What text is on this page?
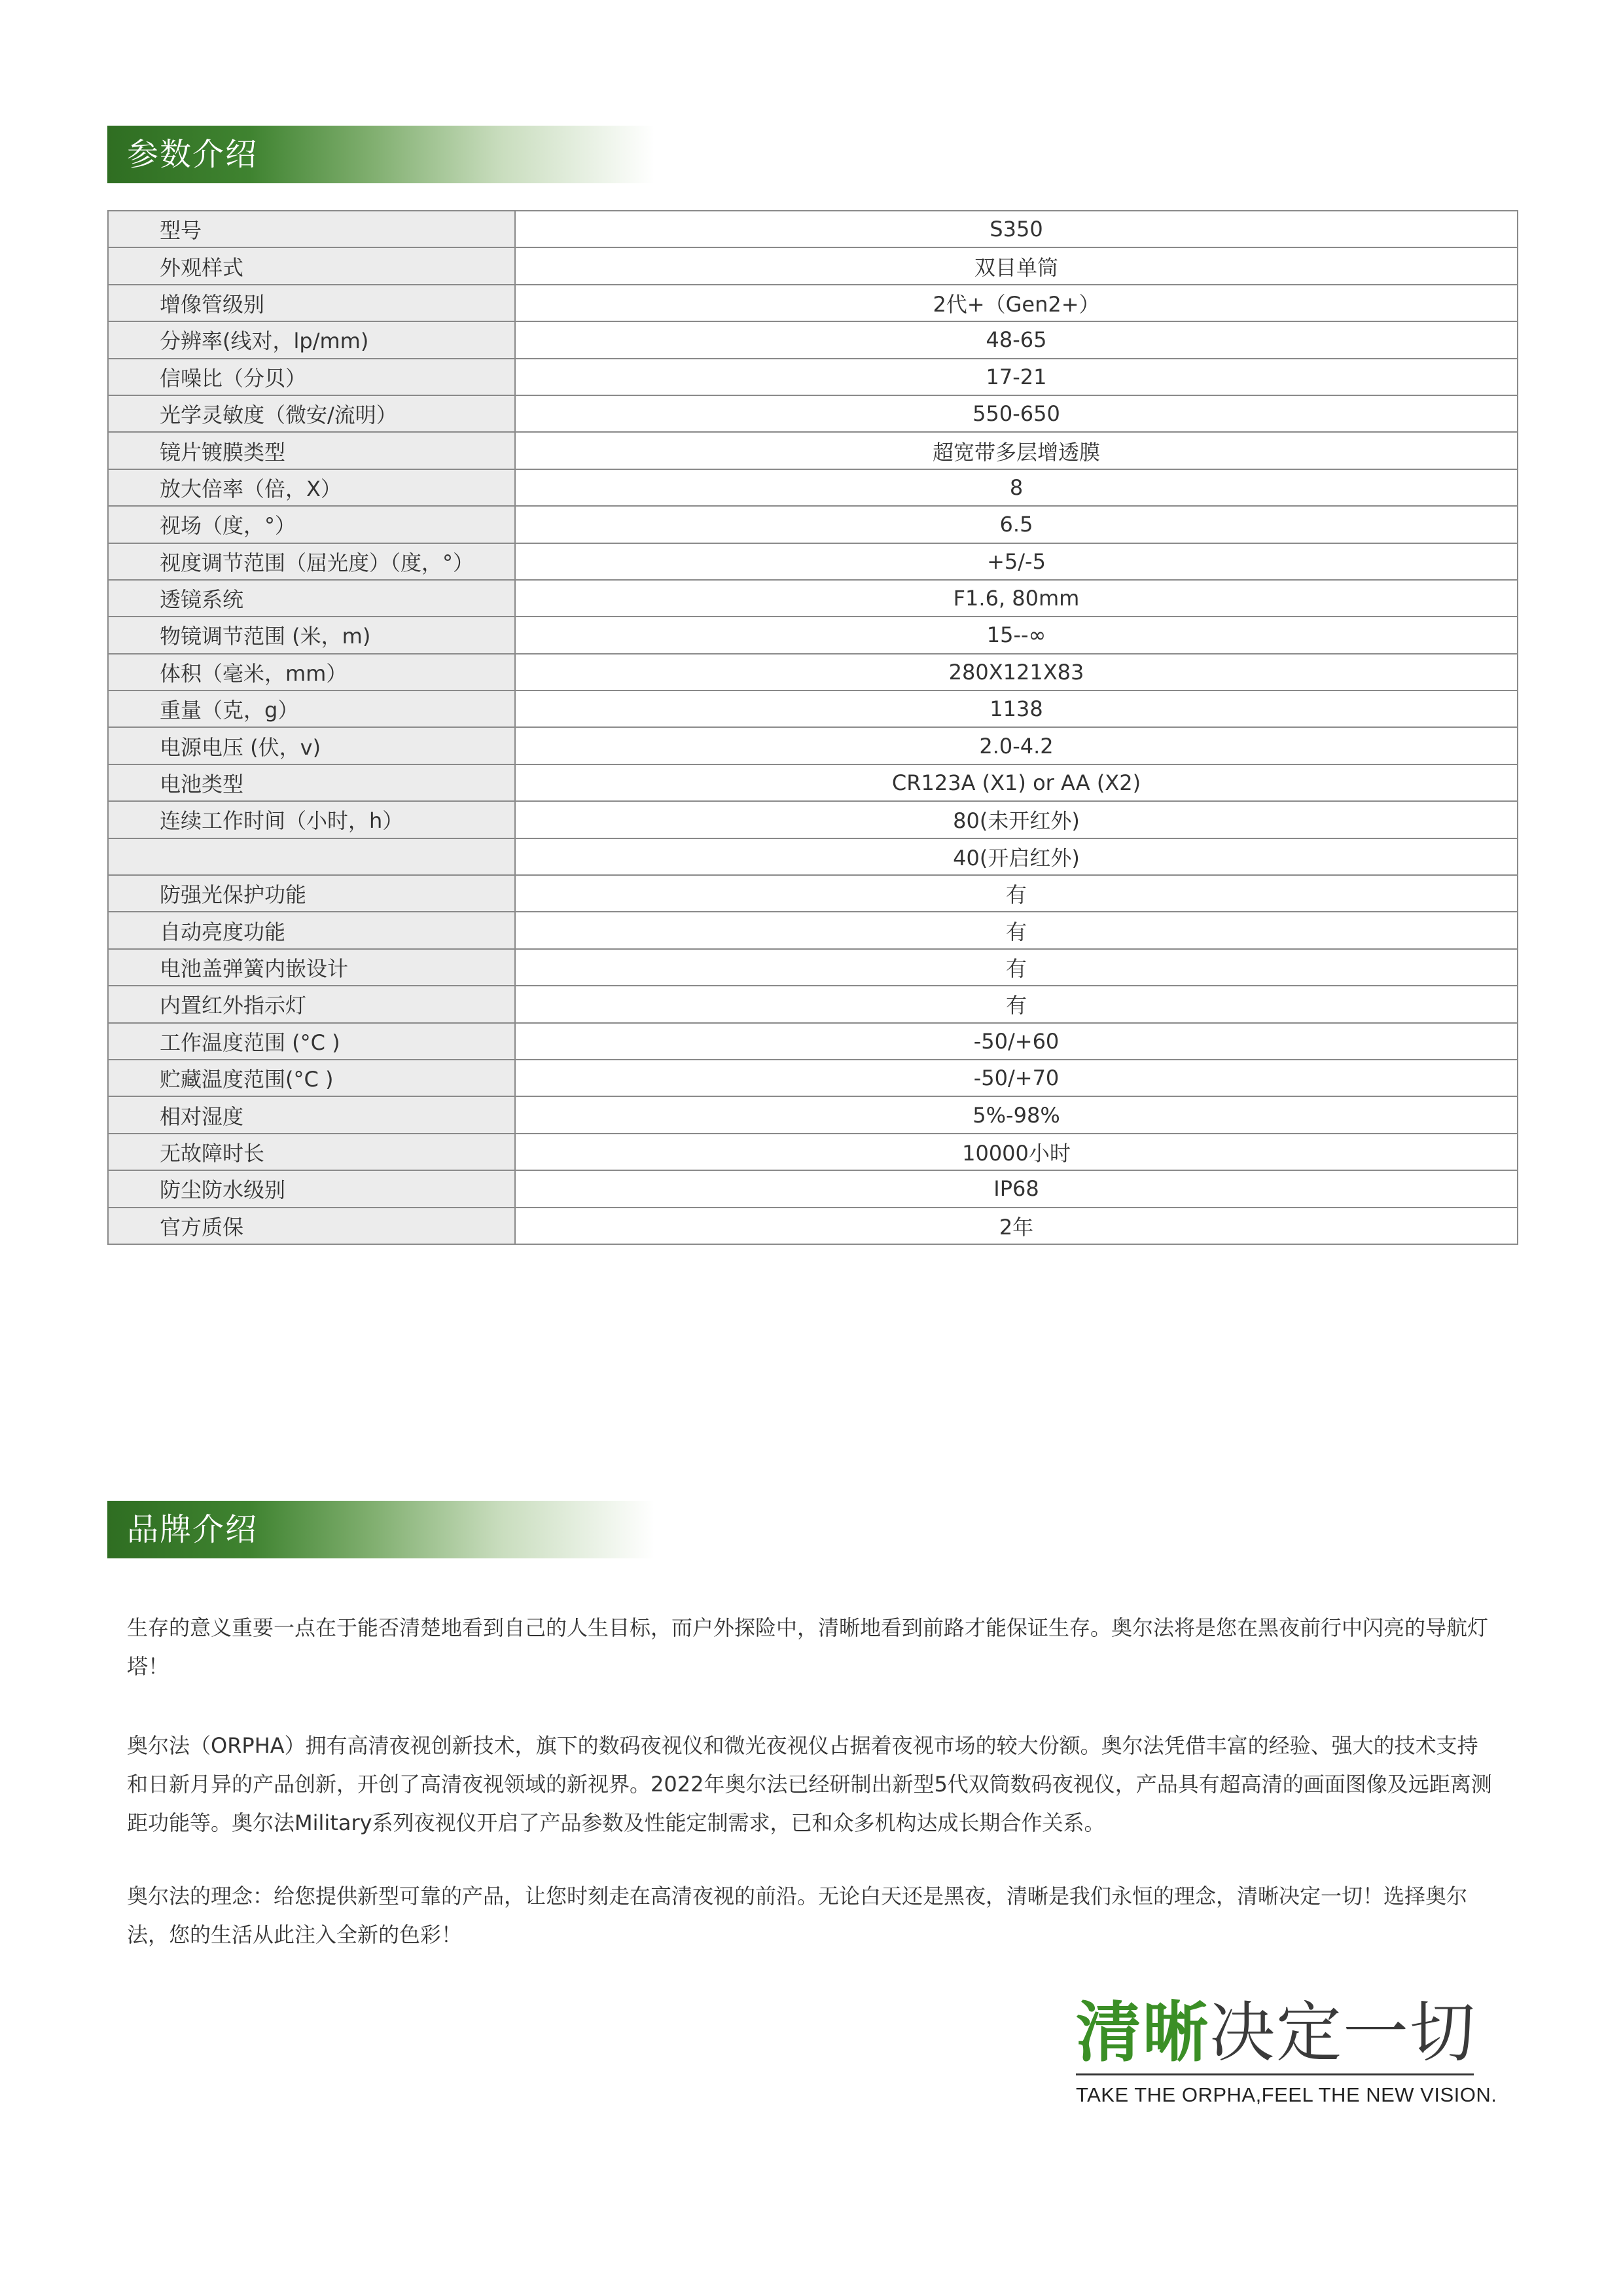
参数介绍
型号	S350
外观样式	双目单筒
增像管级别	2代+（Gen2+）
分辨率(线对，lp/mm)	48-65
信噪比（分贝）	17-21
光学灵敏度（微安/流明）	550-650
镜片镀膜类型	超宽带多层增透膜
放大倍率（倍，X）	8
视场（度，°）	6.5
视度调节范围（屈光度）（度，°）	+5/-5
透镜系统	F1.6, 80mm
物镜调节范围 (米，m)	15--∞
体积（毫米，mm）	280X121X83
重量（克，g）	1138
电源电压 (伏，v)	2.0-4.2
电池类型	CR123A (X1) or AA (X2)
连续工作时间（小时，h）	80(未开红外)
	40(开启红外)
防强光保护功能	有
自动亮度功能	有
电池盖弹簧内嵌设计	有
内置红外指示灯	有
工作温度范围 (°C )	-50/+60
贮藏温度范围(°C )	-50/+70
相对湿度	5%-98%
无故障时长	10000小时
防尘防水级别	IP68
官方质保	2年
品牌介绍

生存的意义重要一点在于能否清楚地看到自己的人生目标，而户外探险中，清晰地看到前路才能保证生存。奥尔法将是您在黑夜前行中闪亮的导航灯塔！

奥尔法（ORPHA）拥有高清夜视创新技术，旗下的数码夜视仪和微光夜视仪占据着夜视市场的较大份额。奥尔法凭借丰富的经验、强大的技术支持和日新月异的产品创新，开创了高清夜视领域的新视界。2022年奥尔法已经研制出新型5代双筒数码夜视仪，产品具有超高清的画面图像及远距离测距功能等。奥尔法Military系列夜视仪开启了产品参数及性能定制需求，已和众多机构达成长期合作关系。

奥尔法的理念：给您提供新型可靠的产品，让您时刻走在高清夜视的前沿。无论白天还是黑夜，清晰是我们永恒的理念，清晰决定一切！选择奥尔法，您的生活从此注入全新的色彩！

清晰决定一切
TAKE THE ORPHA,FEEL THE NEW VISION.
